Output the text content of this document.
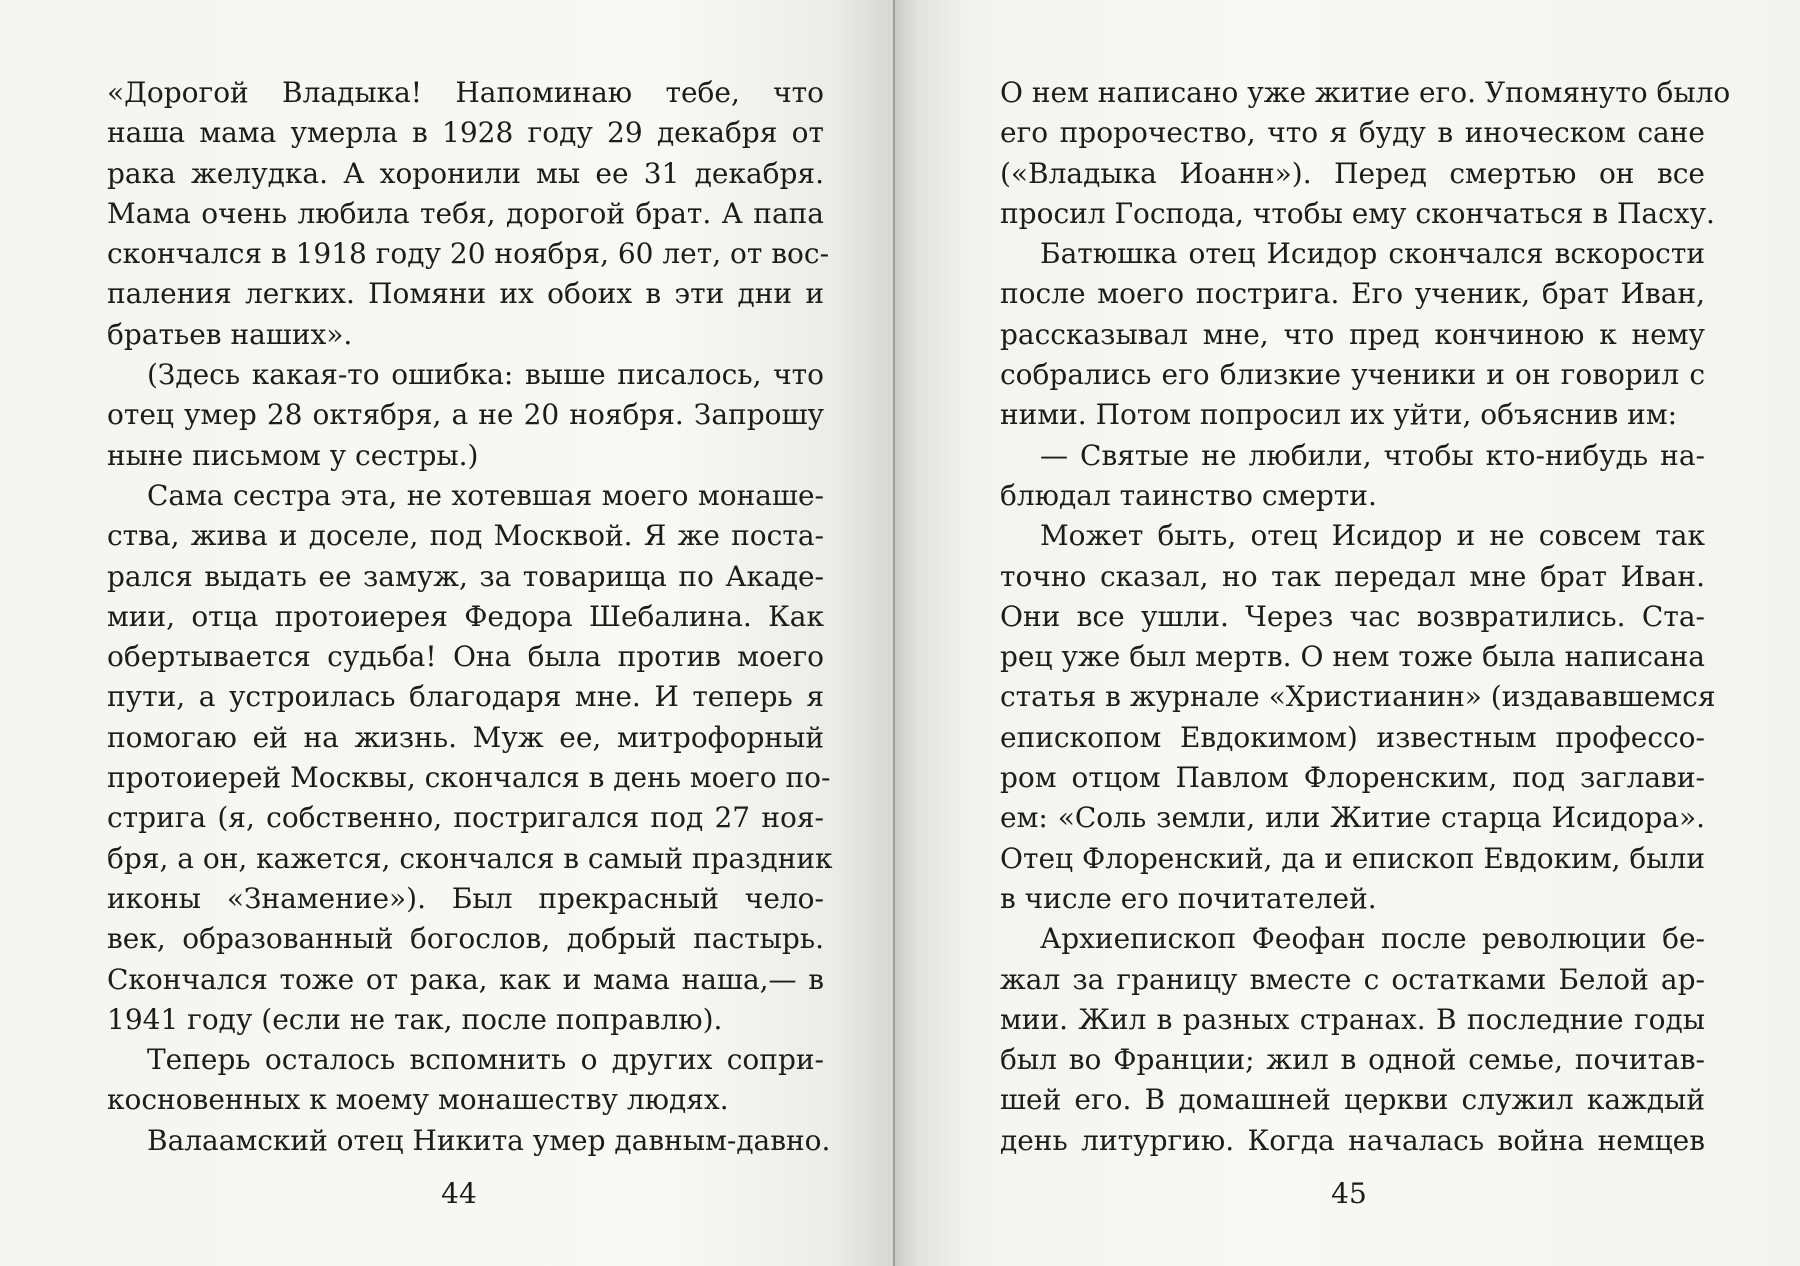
«Дорогой Владыка! Напоминаю тебе, что
наша мама умерла в 1928 году 29 декабря от
рака желудка. А хоронили мы ее 31 декабря.
Мама очень любила тебя, дорогой брат. А папа
скончался в 1918 году 20 ноября, 60 лет, от вос-
паления легких. Помяни их обоих в эти дни и
братьев наших».
(Здесь какая-то ошибка: выше писалось, что
отец умер 28 октября, а не 20 ноября. Запрошу
ныне письмом у сестры.)
Сама сестра эта, не хотевшая моего монаше-
ства, жива и доселе, под Москвой. Я же поста-
рался выдать ее замуж, за товарища по Акаде-
мии, отца протоиерея Федора Шебалина. Как
обертывается судьба! Она была против моего
пути, а устроилась благодаря мне. И теперь я
помогаю ей на жизнь. Муж ее, митрофорный
протоиерей Москвы, скончался в день моего по-
стрига (я, собственно, постригался под 27 ноя-
бря, а он, кажется, скончался в самый праздник
иконы «Знамение»). Был прекрасный чело-
век, образованный богослов, добрый пастырь.
Скончался тоже от рака, как и мама наша,— в
1941 году (если не так, после поправлю).
Теперь осталось вспомнить о других сопри-
косновенных к моему монашеству людях.
Валаамский отец Никита умер давным-давно.
О нем написано уже житие его. Упомянуто было
его пророчество, что я буду в иноческом сане
(«Владыка Иоанн»). Перед смертью он все
просил Господа, чтобы ему скончаться в Пасху.
Батюшка отец Исидор скончался вскорости
после моего пострига. Его ученик, брат Иван,
рассказывал мне, что пред кончиною к нему
собрались его близкие ученики и он говорил с
ними. Потом попросил их уйти, объяснив им:
— Святые не любили, чтобы кто-нибудь на-
блюдал таинство смерти.
Может быть, отец Исидор и не совсем так
точно сказал, но так передал мне брат Иван.
Они все ушли. Через час возвратились. Ста-
рец уже был мертв. О нем тоже была написана
статья в журнале «Христианин» (издававшемся
епископом Евдокимом) известным профессо-
ром отцом Павлом Флоренским, под заглави-
ем: «Соль земли, или Житие старца Исидора».
Отец Флоренский, да и епископ Евдоким, были
в числе его почитателей.
Архиепископ Феофан после революции бе-
жал за границу вместе с остатками Белой ар-
мии. Жил в разных странах. В последние годы
был во Франции; жил в одной семье, почитав-
шей его. В домашней церкви служил каждый
день литургию. Когда началась война немцев
44	45
